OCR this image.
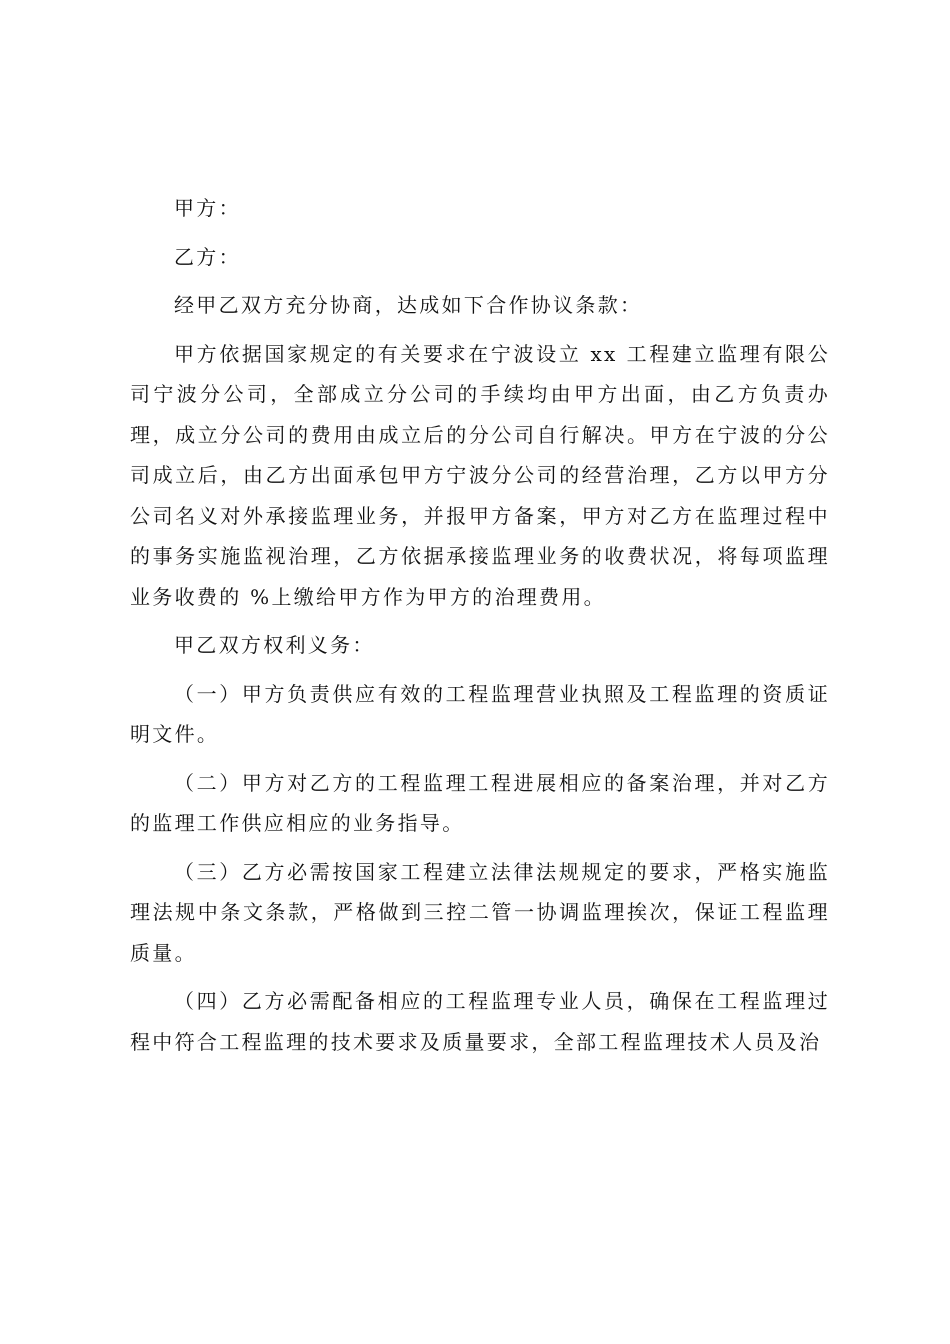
甲方：

乙方：

经甲乙双方充分协商，达成如下合作协议条款：

甲方依据国家规定的有关要求在宁波设立 xx 工程建立监理有限公司宁波分公司，全部成立分公司的手续均由甲方出面，由乙方负责办理，成立分公司的费用由成立后的分公司自行解决。甲方在宁波的分公司成立后，由乙方出面承包甲方宁波分公司的经营治理，乙方以甲方分公司名义对外承接监理业务，并报甲方备案，甲方对乙方在监理过程中的事务实施监视治理，乙方依据承接监理业务的收费状况，将每项监理业务收费的 %上缴给甲方作为甲方的治理费用。

甲乙双方权利义务：

（一）甲方负责供应有效的工程监理营业执照及工程监理的资质证明文件。

（二）甲方对乙方的工程监理工程进展相应的备案治理，并对乙方的监理工作供应相应的业务指导。

（三）乙方必需按国家工程建立法律法规规定的要求，严格实施监理法规中条文条款，严格做到三控二管一协调监理挨次，保证工程监理质量。

（四）乙方必需配备相应的工程监理专业人员，确保在工程监理过程中符合工程监理的技术要求及质量要求，全部工程监理技术人员及治
